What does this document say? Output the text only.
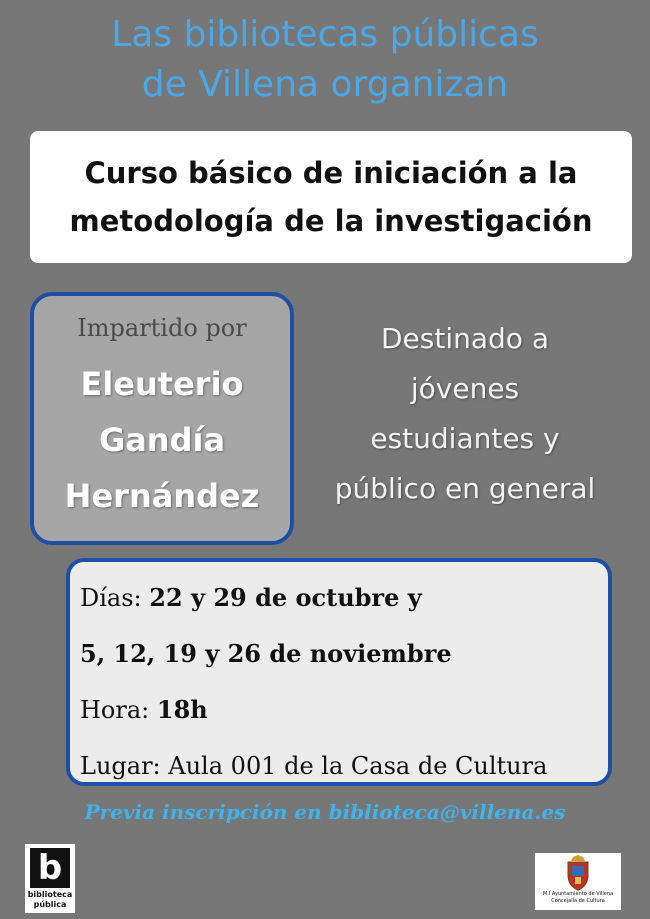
Las bibliotecas públicas
de Villena organizan
Curso básico de iniciación a la
metodología de la investigación
Impartido por
Eleuterio
Gandía
Hernández
Destinado a
jóvenes
estudiantes y
público en general
Días: 22 y 29 de octubre y
5, 12, 19 y 26 de noviembre
Hora: 18h
Lugar: Aula 001 de la Casa de Cultura
Previa inscripción en biblioteca@villena.es
b
biblioteca
pública
M.I Ayuntamiento de Villena
Concejalía de Cultura
